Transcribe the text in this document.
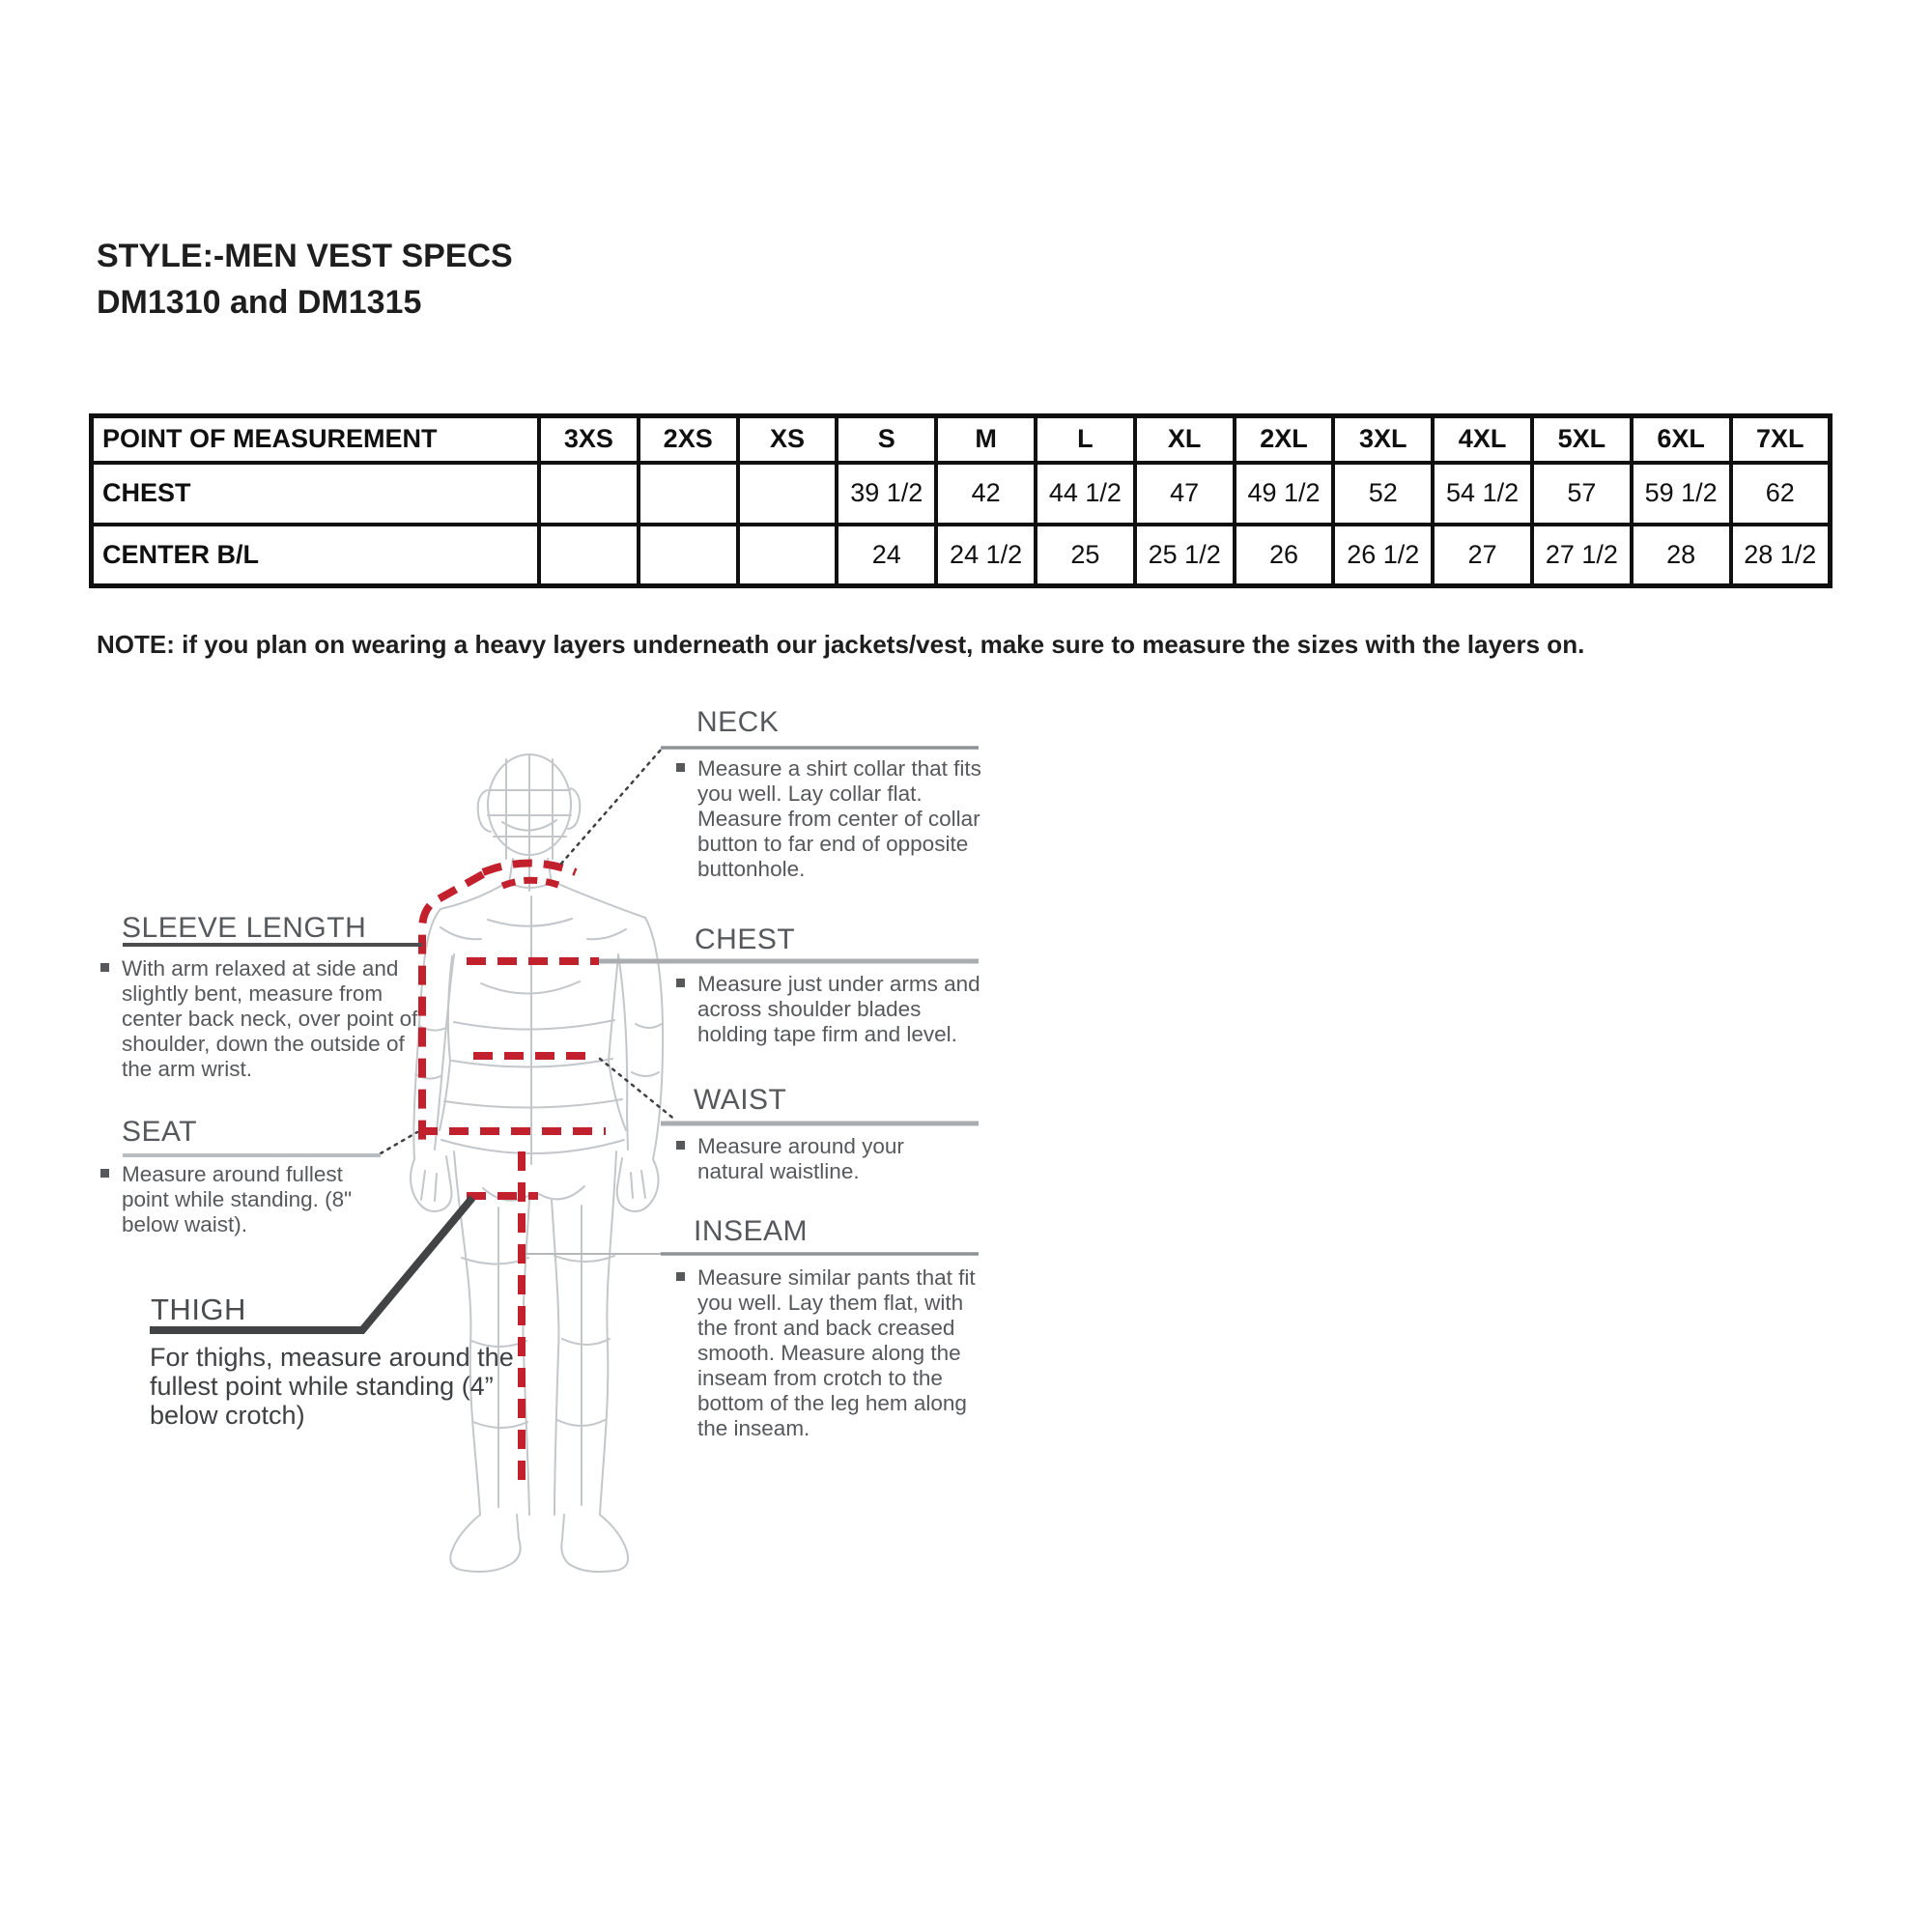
STYLE:-MEN VEST SPECS
DM1310 and DM1315
POINT OF MEASUREMENT	3XS	2XS	XS	S	M	L	XL	2XL	3XL	4XL	5XL	6XL	7XL
CHEST				39 1/2	42	44 1/2	47	49 1/2	52	54 1/2	57	59 1/2	62
CENTER B/L				24	24 1/2	25	25 1/2	26	26 1/2	27	27 1/2	28	28 1/2
NOTE: if you plan on wearing a heavy layers underneath our jackets/vest, make sure to measure the sizes with the layers on.
SLEEVE LENGTH
With arm relaxed at side and slightly bent, measure from center back neck, over point of shoulder, down the outside of the arm wrist.
SEAT
Measure around fullest point while standing. (8" below waist).
THIGH
For thighs, measure around the fullest point while standing (4” below crotch)
NECK
Measure a shirt collar that fits you well. Lay collar flat. Measure from center of collar button to far end of opposite buttonhole.
CHEST
Measure just under arms and across shoulder blades holding tape firm and level.
WAIST
Measure around your natural waistline.
INSEAM
Measure similar pants that fit you well. Lay them flat, with the front and back creased smooth. Measure along the inseam from crotch to the bottom of the leg hem along the inseam.
